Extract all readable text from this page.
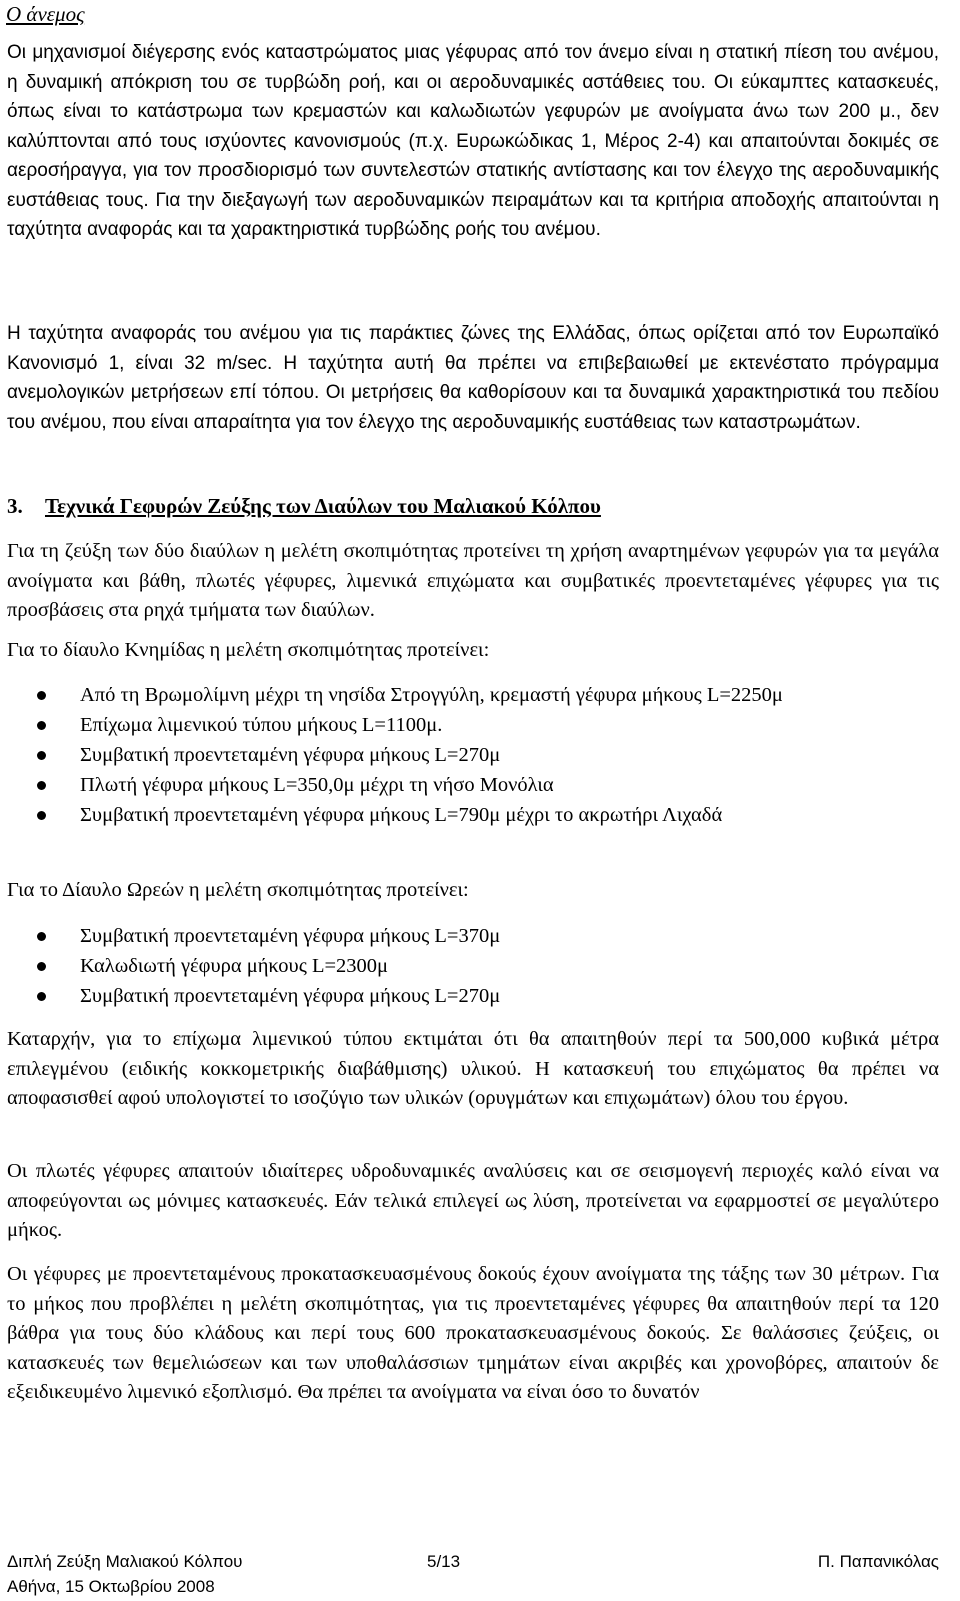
Ο άνεμος

Οι μηχανισμοί διέγερσης ενός καταστρώματος μιας γέφυρας από τον άνεμο είναι η στατική πίεση του ανέμου, η δυναμική απόκριση του σε τυρβώδη ροή, και οι αεροδυναμικές αστάθειες του. Οι εύκαμπτες κατασκευές, όπως είναι το κατάστρωμα των κρεμαστών και καλωδιωτών γεφυρών με ανοίγματα άνω των 200 μ., δεν καλύπτονται από τους ισχύοντες κανονισμούς (π.χ. Ευρωκώδικας 1, Μέρος 2-4) και απαιτούνται δοκιμές σε αεροσήραγγα, για τον προσδιορισμό των συντελεστών στατικής αντίστασης και τον έλεγχο της αεροδυναμικής ευστάθειας τους. Για την διεξαγωγή των αεροδυναμικών πειραμάτων και τα κριτήρια αποδοχής απαιτούνται η ταχύτητα αναφοράς και τα χαρακτηριστικά τυρβώδης ροής του ανέμου.

Η ταχύτητα αναφοράς του ανέμου για τις παράκτιες ζώνες της Ελλάδας, όπως ορίζεται από τον Ευρωπαϊκό Κανονισμό 1, είναι 32 m/sec. Η ταχύτητα αυτή θα πρέπει να επιβεβαιωθεί με εκτενέστατο πρόγραμμα ανεμολογικών μετρήσεων επί τόπου. Οι μετρήσεις θα καθορίσουν και τα δυναμικά χαρακτηριστικά του πεδίου του ανέμου, που είναι απαραίτητα για τον έλεγχο της αεροδυναμικής ευστάθειας των καταστρωμάτων.

3. Τεχνικά Γεφυρών Ζεύξης των Διαύλων του Μαλιακού Κόλπου

Για τη ζεύξη των δύο διαύλων η μελέτη σκοπιμότητας προτείνει τη χρήση αναρτημένων γεφυρών για τα μεγάλα ανοίγματα και βάθη, πλωτές γέφυρες, λιμενικά επιχώματα και συμβατικές προεντεταμένες γέφυρες για τις προσβάσεις στα ρηχά τμήματα των διαύλων.

Για το δίαυλο Κνημίδας η μελέτη σκοπιμότητας προτείνει:

Από τη Βρωμολίμνη μέχρι τη νησίδα Στρογγύλη, κρεμαστή γέφυρα μήκους L=2250μ
Επίχωμα λιμενικού τύπου μήκους L=1100μ.
Συμβατική προεντεταμένη γέφυρα μήκους L=270μ
Πλωτή γέφυρα μήκους L=350,0μ μέχρι τη νήσο Μονόλια
Συμβατική προεντεταμένη γέφυρα μήκους L=790μ μέχρι το ακρωτήρι Λιχαδά

Για το Δίαυλο Ωρεών η μελέτη σκοπιμότητας προτείνει:

Συμβατική προεντεταμένη γέφυρα μήκους L=370μ
Καλωδιωτή γέφυρα μήκους L=2300μ
Συμβατική προεντεταμένη γέφυρα μήκους L=270μ

Καταρχήν, για το επίχωμα λιμενικού τύπου εκτιμάται ότι θα απαιτηθούν περί τα 500,000 κυβικά μέτρα επιλεγμένου (ειδικής κοκκομετρικής διαβάθμισης) υλικού. Η κατασκευή του επιχώματος θα πρέπει να αποφασισθεί αφού υπολογιστεί το ισοζύγιο των υλικών (ορυγμάτων και επιχωμάτων) όλου του έργου.

Οι πλωτές γέφυρες απαιτούν ιδιαίτερες υδροδυναμικές αναλύσεις και σε σεισμογενή περιοχές καλό είναι να αποφεύγονται ως μόνιμες κατασκευές. Εάν τελικά επιλεγεί ως λύση, προτείνεται να εφαρμοστεί σε μεγαλύτερο μήκος.

Οι γέφυρες με προεντεταμένους προκατασκευασμένους δοκούς έχουν ανοίγματα της τάξης των 30 μέτρων. Για το μήκος που προβλέπει η μελέτη σκοπιμότητας, για τις προεντεταμένες γέφυρες θα απαιτηθούν περί τα 120 βάθρα για τους δύο κλάδους και περί τους 600 προκατασκευασμένους δοκούς. Σε θαλάσσιες ζεύξεις, οι κατασκευές των θεμελιώσεων και των υποθαλάσσιων τμημάτων είναι ακριβές και χρονοβόρες, απαιτούν δε εξειδικευμένο λιμενικό εξοπλισμό. Θα πρέπει τα ανοίγματα να είναι όσο το δυνατόν

Διπλή Ζεύξη Μαλιακού Κόλπου	5/13	Π. Παπανικόλας
Αθήνα, 15 Οκτωβρίου 2008
